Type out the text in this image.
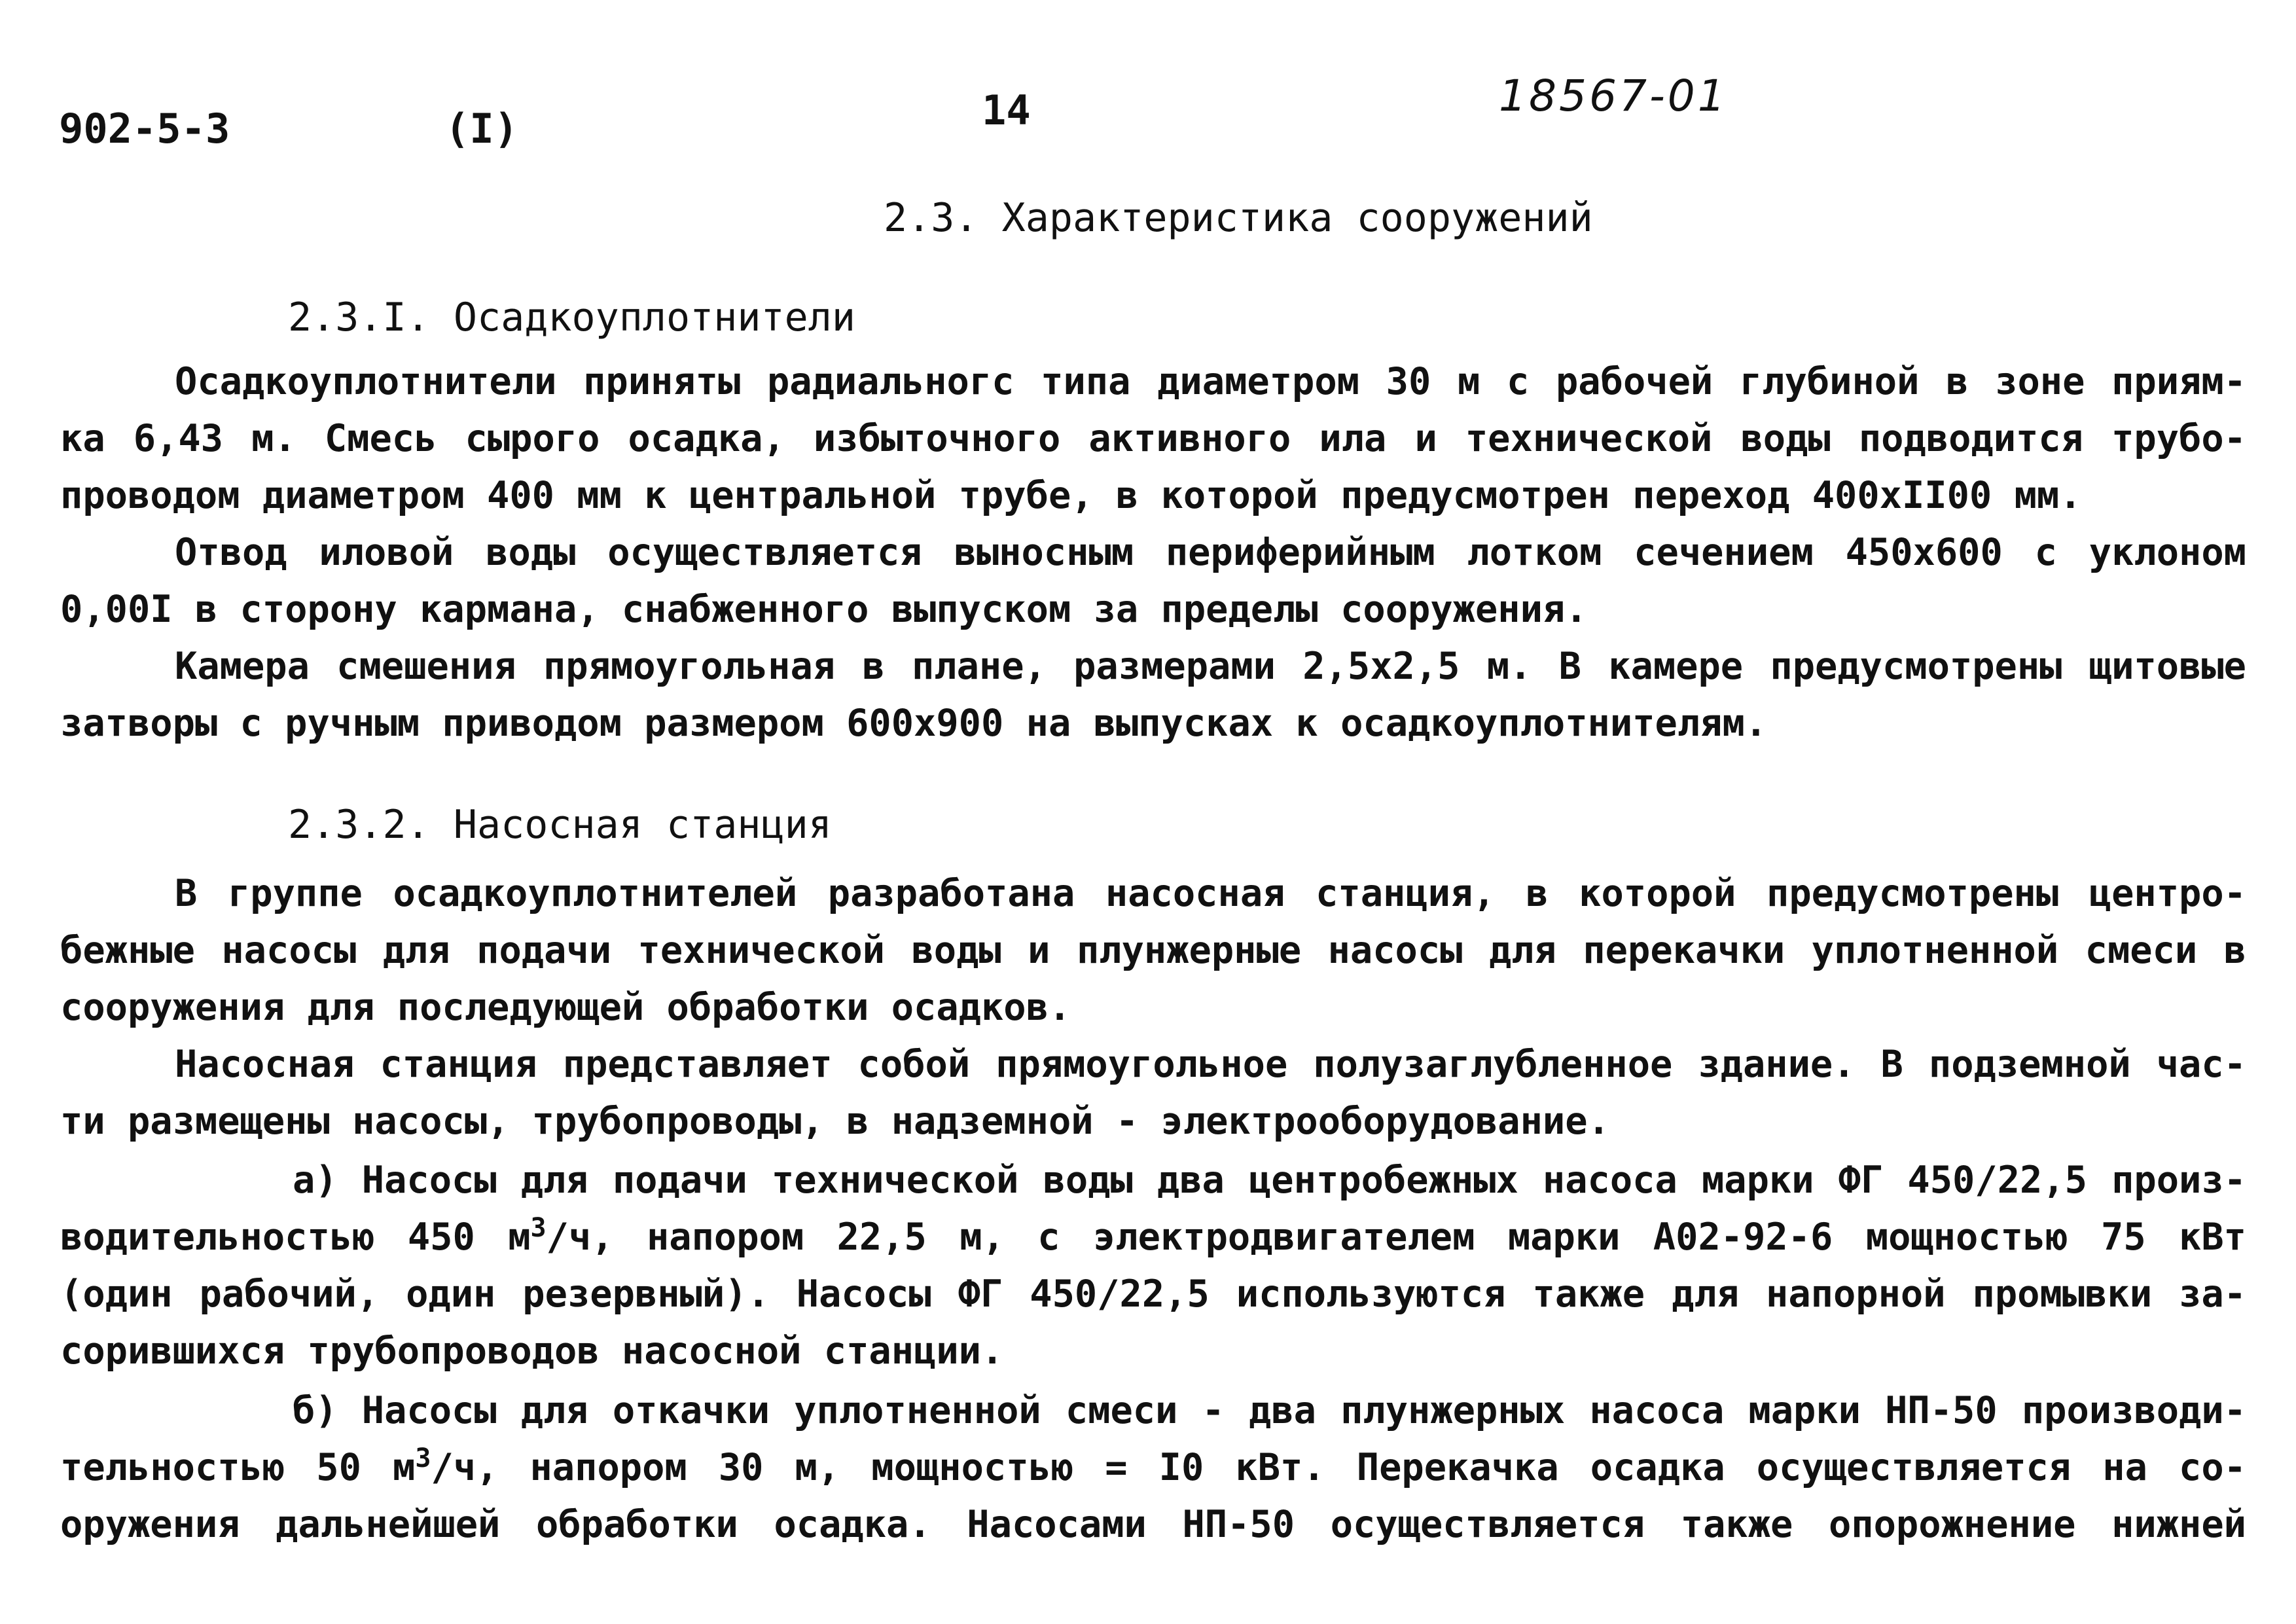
902-5-3	(I)	14	18567-01
2.3. Характеристика сооружений
2.3.I. Осадкоуплотнители

Осадкоуплотнители приняты радиальногс типа диаметром 30 м с рабочей глубиной в зоне приям-
ка 6,43 м. Смесь сырого осадка, избыточного активного ила и технической воды подводится трубо-
проводом диаметром 400 мм к центральной трубе, в которой предусмотрен переход 400хII00 мм.

Отвод иловой воды осуществляется выносным периферийным лотком сечением 450х600 с уклоном
0,00I в сторону кармана, снабженного выпуском за пределы сооружения.

Камера смешения прямоугольная в плане, размерами 2,5х2,5 м. В камере предусмотрены щитовые
затворы с ручным приводом размером 600х900 на выпусках к осадкоуплотнителям.

2.3.2. Насосная станция

В группе осадкоуплотнителей разработана насосная станция, в которой предусмотрены центро-
бежные насосы для подачи технической воды и плунжерные насосы для перекачки уплотненной смеси в
сооружения для последующей обработки осадков.

Насосная станция представляет собой прямоугольное полузаглубленное здание. В подземной час-
ти размещены насосы, трубопроводы, в надземной - электрооборудование.

а) Насосы для подачи технической воды два центробежных насоса марки ФГ 450/22,5 произ-
водительностью 450 $м^3/ч$, напором 22,5 м, с электродвигателем марки А02-92-6 мощностью 75 кВт
(один рабочий, один резервный). Насосы ФГ 450/22,5 используются также для напорной промывки за-
сорившихся трубопроводов насосной станции.

б) Насосы для откачки уплотненной смеси - два плунжерных насоса марки НП-50 производи-
тельностью 50 $м^3/ч$, напором 30 м, мощностью = I0 кВт. Перекачка осадка осуществляется на со-
оружения дальнейшей обработки осадка. Насосами НП-50 осуществляется также опорожнение нижней
